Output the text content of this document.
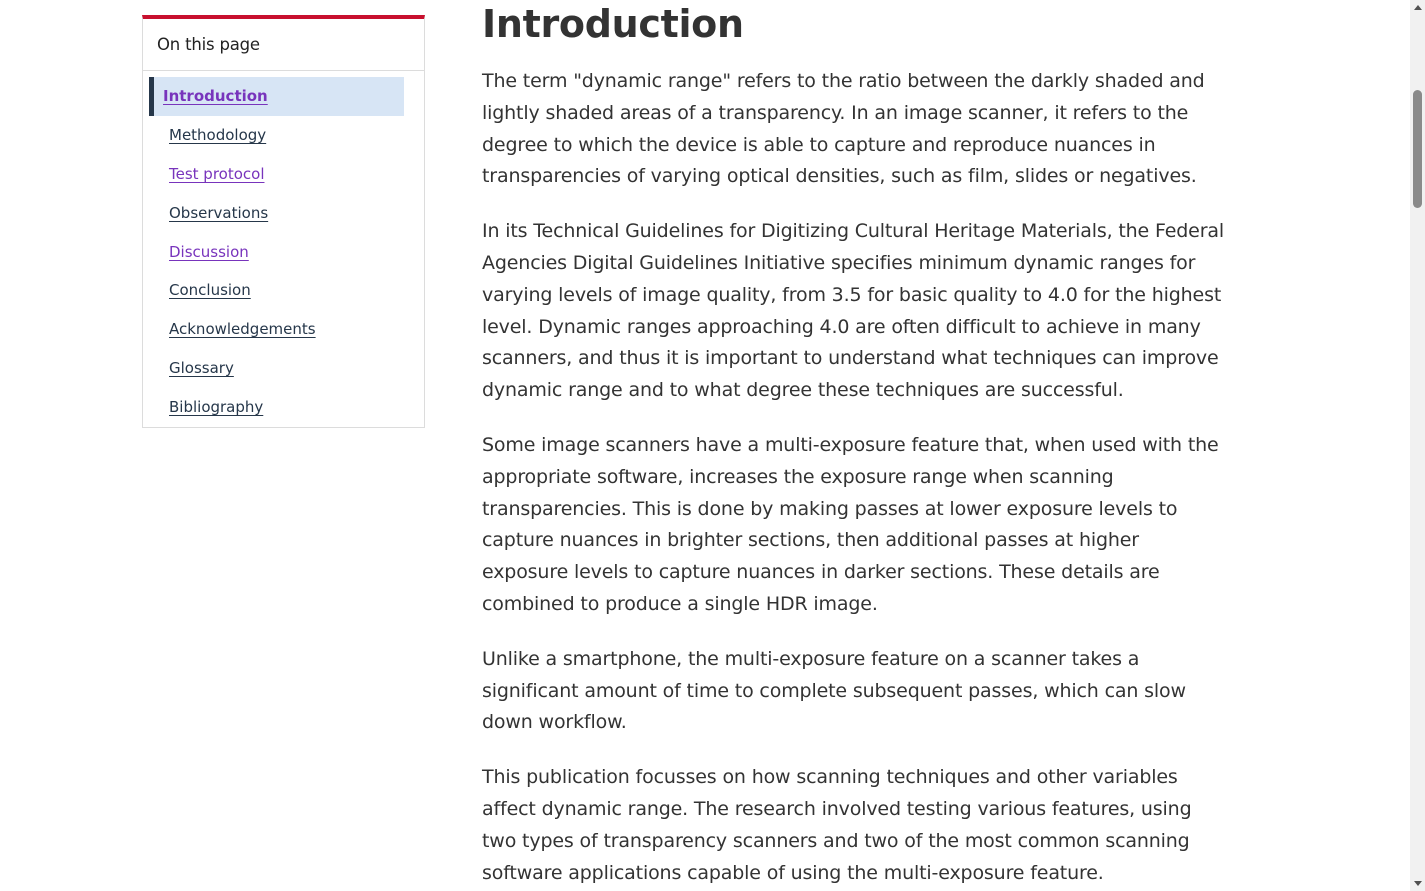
On this page
Introduction
Methodology
Test protocol
Observations
Discussion
Conclusion
Acknowledgements
Glossary
Bibliography
Introduction

The term "dynamic range" refers to the ratio between the darkly shaded and lightly shaded areas of a transparency. In an image scanner, it refers to the degree to which the device is able to capture and reproduce nuances in transparencies of varying optical densities, such as film, slides or negatives.

In its Technical Guidelines for Digitizing Cultural Heritage Materials, the Federal Agencies Digital Guidelines Initiative specifies minimum dynamic ranges for varying levels of image quality, from 3.5 for basic quality to 4.0 for the highest level. Dynamic ranges approaching 4.0 are often difficult to achieve in many scanners, and thus it is important to understand what techniques can improve dynamic range and to what degree these techniques are successful.

Some image scanners have a multi-exposure feature that, when used with the appropriate software, increases the exposure range when scanning transparencies. This is done by making passes at lower exposure levels to capture nuances in brighter sections, then additional passes at higher exposure levels to capture nuances in darker sections. These details are combined to produce a single HDR image.

Unlike a smartphone, the multi-exposure feature on a scanner takes a significant amount of time to complete subsequent passes, which can slow down workflow.

This publication focusses on how scanning techniques and other variables affect dynamic range. The research involved testing various features, using two types of transparency scanners and two of the most common scanning software applications capable of using the multi-exposure feature.
